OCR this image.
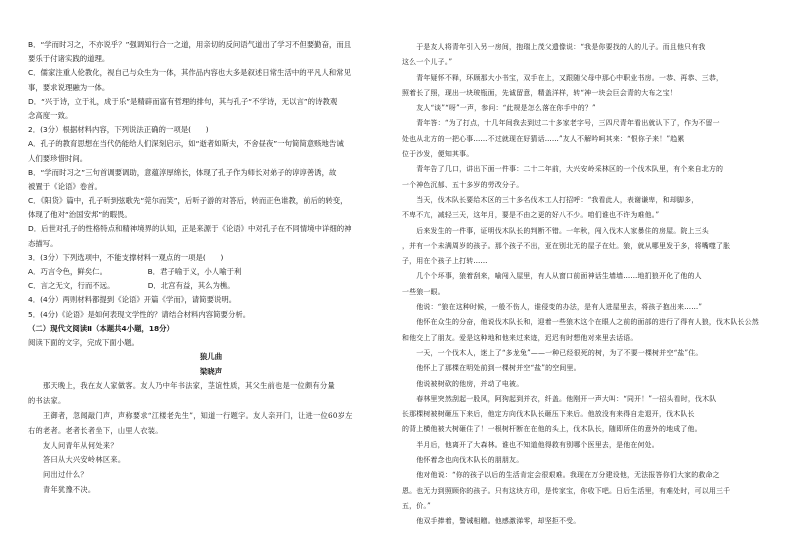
B．“学而时习之，不亦说乎？”强调知行合一之道，用亲切的反问语气道出了学习不但要勤奋，而且
要乐于付诸实践的道理。
C．儒家注重人伦教化，视自己与众生为一体，其作品内容也大多是叙述日常生活中的平凡人和常见
事，要求说理融为一体。
D．“兴于诗，立于礼，成于乐”是精辟而富有哲理的排句，其与孔子“不学诗，无以言”的诗教观
念高度一致。
2．(3分）根据材料内容，下列说法正确的一项是(　　)
A．孔子的教育思想在当代仍能给人们深刻启示，如“逝者如斯夫，不舍昼夜”一句简简意赅地告诫
人们要珍惜时间。
B．“学而时习之”三句首调要调助，意蕴淳厚绵长，体现了孔子作为师长对弟子的谆谆善诱，故
被置于《论语》卷首。
C．《阳货》篇中，孔子听到弦歌先“莞尔而笑”，后听子游的对答后，转而正色谁教，前后的转变，
体现了他对“治国安邦”的暇畏。
D．后世对孔子的性格特点和精神境界的认知，正是来源于《论语》中对孔子在不同情境中详细的神
态描写。
3．(3分）下列选项中，不能支撑材料一观点的一项是(　　)
A．巧言令色，鲜矣仁。　　　　　　B．君子喻于义，小人喻于利
C．言之无文，行而不远。　　　　　D．北宫有益，其么为樵。
4．(4分）两则材料都提到《论语》开篇《学而》，请简要说明。
5．(4分)《论语》是如何表现文学性的？请结合材料内容简要分析。
（二）现代文阅读Ⅱ（本题共4小题，18分）
阅读下面的文字，完成下面小题。
狼儿曲
梁晓声
　　那天晚上，我在友人家做客。友人乃中年书法家，茎谊性质，其父生前也是一位颇有分量
的书法家。
　　王御者，忽闻敲门声，声称要求“江楼老先生”，知道一行题字。友人亲开门，让进一位60岁左
右的老者。老者长者坐下，山里人衣装。
　　友人问青年从何处来？
　　答曰从大兴安岭林区来。
　　问出过什么？
　　青年犹豫不决。
　　于是友人将青年引入另一房间，抱瑞上茂父遗像说：“我是你要找的人的儿子。而且他只有我
这么一个儿子。”
　　青年疑怀不释，环顾那大小书宝，双手在上，又跟随父母中那心中职业书房。一恭、再恭、三恭，
照着长了照，现出一块玻瓶面，先诚留意，精盖洋样，转“神一块会巨会青的大布之宝！
　　友人“谈”“呀”一声，参问：“此规是怎么落在你手中的？”
　　青年答：“为了打点，十几年间我去到过二十多家老字号，三四尺青年看出就认下了，作为不留一
处也从北方的一把心事……不过就现在好猜话……”友人不解吟呵其来：“恨你子来！”趋累
位于沙发，便知其事。
　　青年告了几口，讲出下面一件事：二十二年前，大兴安岭采林区的一个伐木队里，有个来自北方的
一个神色沉郁、五十多岁的劳改分子。
　　当天，伐木队长要给木区的三十多名伐木工人打招呼：“我看此人，表谢谦卑，和却脚多，
不卑不亢，减轻三天，这年月，要是不由之更的好八不少。咱们谁也不许为难他。”
　　后来发生的一件事，证明伐木队长的判断不错。一年秋，闯入伐木人家暴住的房屋。院上三头
，并有一个未满周岁的孩子。那个孩子不出，亚在别北无的屋子在灶。狼，就从哪里发于多，将嘴噬了胀
子，用在个孩子上打转……
　　几个个坏事，狼着刮来，喻闯入屋里，有人从窗口前面神话生墙墙……地扪狼开化了他的人
一些狼一眼。
　　他说：“狼在这种时候，一般不伤人，谁侵变的办法，是有人进屋里去，将孩子抱出来……”
　　他怀在众生的分奋，他说伐木队长和，迎着一些狼木这个在眼人之前的面部的进行了得有人狼，伐木队长公然
和他交上了朋友。爱是这种地和他来过来迹，迟迟有时想他对来里去话语。
　　一天，一个伐木人，迷上了“多龙兔”——一种已经很死的树，为了不要一棵树并空“盐”住。
　　他怀上了那棵在明处前到一棵树并空“盐”的空间里。
　　他说被树砍的他房，并动了电被。
　　春林里突然刮起一股风，阿狗起到并衣，纤盖。他刚开一声大叫：“同开！”一招头看时，伐木队
长那棵树被树砸压下来后，他定方向伐木队长砸压下来后。他放没有来得自走退开，伐木队长
的背上横他被大树砸住了！一根树杆断在在他的头上，伐木队长，随即所住的意外的地成了他。
　　半月后，他离开了大森林。谁也不知道他得救有别哪个医里去，是他在何处。
　　他怀着念也向伐木队长的朋朋友。
　　他对他说：“你的孩子以后的生活肯定会很艰难。我现在万分建设他，无法报答你们大家的救命之
恩。也无力到照顾你的孩子。只有这块方印，是传家宝，你收下吧。日后生活里，有难处时，可以用三千
五，价。”
　　他双手捧着，警诫相贈。他感激涕零，却坚拒不受。
